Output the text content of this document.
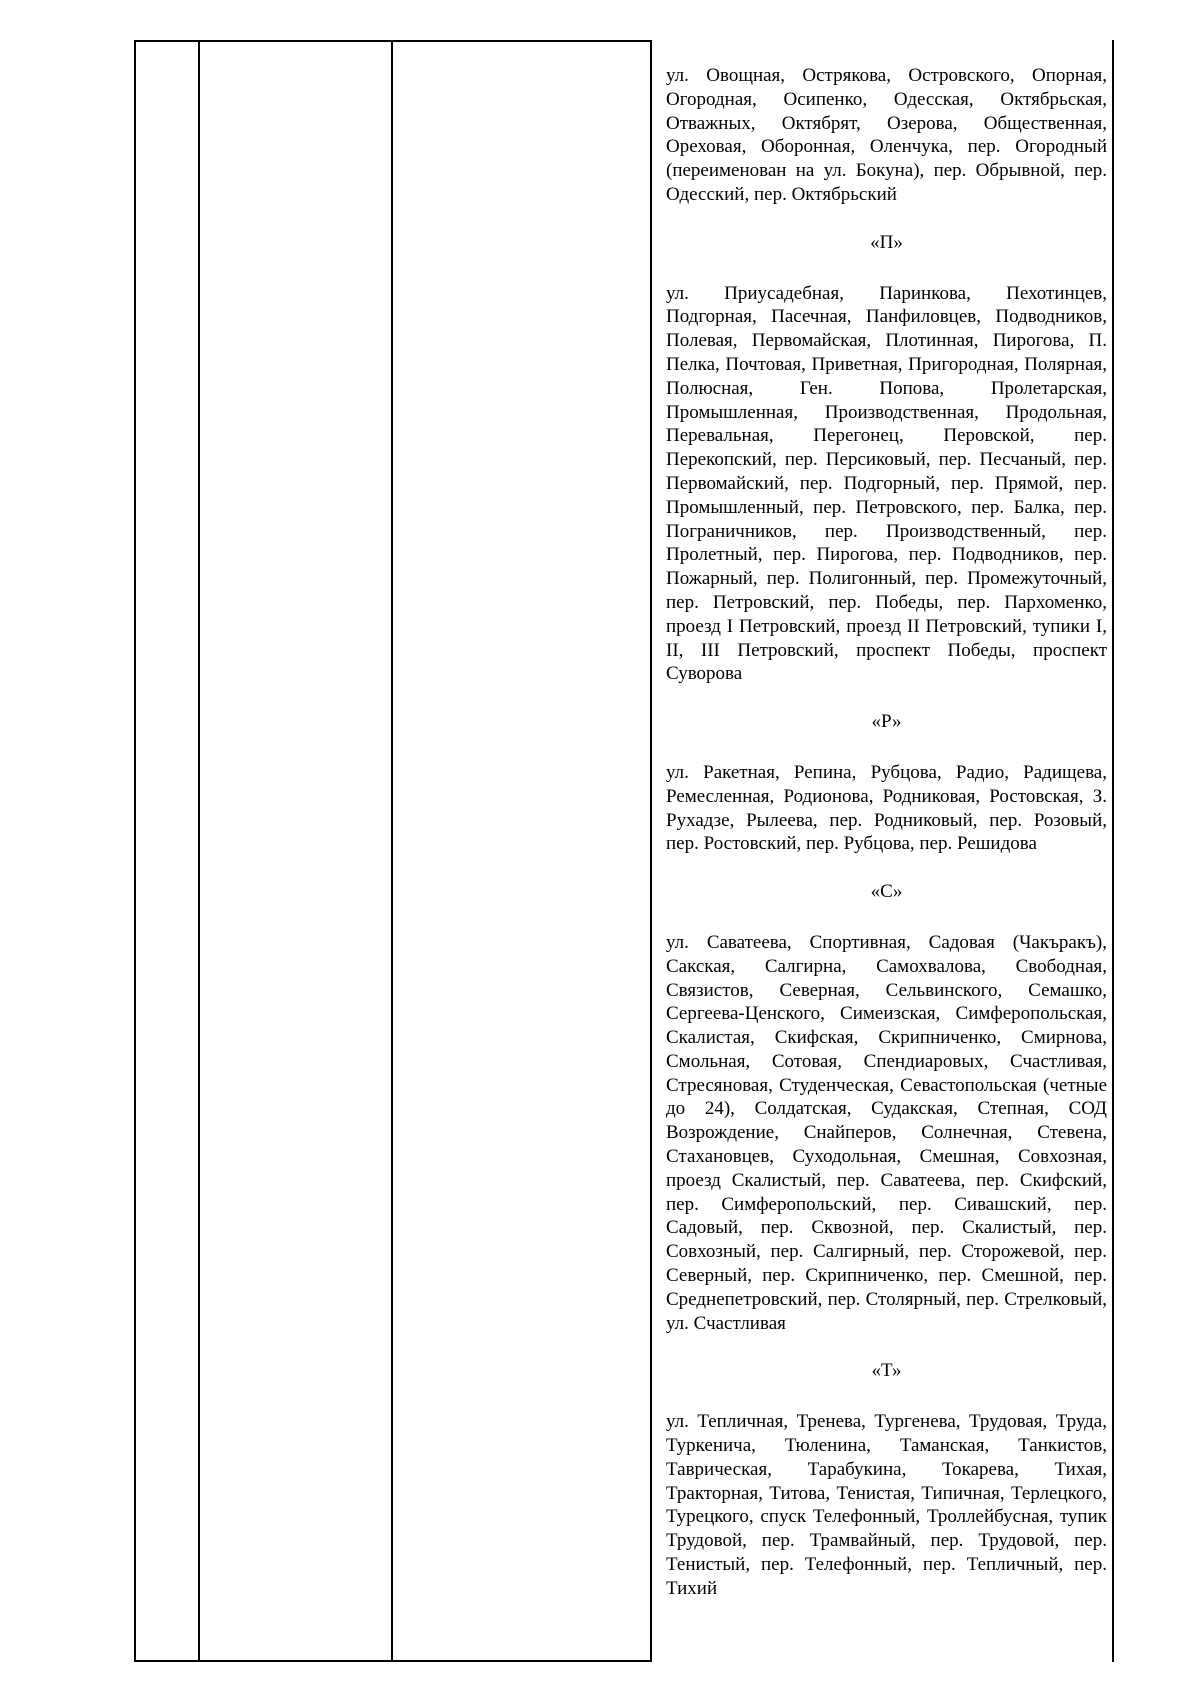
ул. Овощная, Острякова, Островского, Опорная, Огородная, Осипенко, Одесская, Октябрьская, Отважных, Октябрят, Озерова, Общественная, Ореховая, Оборонная, Оленчука, пер. Огородный (переименован на ул. Бокуна), пер. Обрывной, пер. Одесский, пер. Октябрьский

«П»

ул. Приусадебная, Паринкова, Пехотинцев, Подгорная, Пасечная, Панфиловцев, Подводников, Полевая, Первомайская, Плотинная, Пирогова, П. Пелка, Почтовая, Приветная, Пригородная, Полярная, Полюсная, Ген. Попова, Пролетарская, Промышленная, Производственная, Продольная, Перевальная, Перегонец, Перовской, пер. Перекопский, пер. Персиковый, пер. Песчаный, пер. Первомайский, пер. Подгорный, пер. Прямой, пер. Промышленный, пер. Петровского, пер. Балка, пер. Пограничников, пер. Производственный, пер. Пролетный, пер. Пирогова, пер. Подводников, пер. Пожарный, пер. Полигонный, пер. Промежуточный, пер. Петровский, пер. Победы, пер. Пархоменко, проезд I Петровский, проезд II Петровский, тупики I, II, III Петровский, проспект Победы, проспект Суворова

«Р»

ул. Ракетная, Репина, Рубцова, Радио, Радищева, Ремесленная, Родионова, Родниковая, Ростовская, З. Рухадзе, Рылеева, пер. Родниковый, пер. Розовый, пер. Ростовский, пер. Рубцова, пер. Решидова

«С»

ул. Саватеева, Спортивная, Садовая (Чакъракъ), Сакская, Салгирна, Самохвалова, Свободная, Связистов, Северная, Сельвинского, Семашко, Сергеева-Ценского, Симеизская, Симферопольская, Скалистая, Скифская, Скрипниченко, Смирнова, Смольная, Сотовая, Спендиаровых, Счастливая, Стресяновая, Студенческая, Севастопольская (четные до 24), Солдатская, Судакская, Степная, СОД Возрождение, Снайперов, Солнечная, Стевена, Стахановцев, Суходольная, Смешная, Совхозная, проезд Скалистый, пер. Саватеева, пер. Скифский, пер. Симферопольский, пер. Сивашский, пер. Садовый, пер. Сквозной, пер. Скалистый, пер. Совхозный, пер. Салгирный, пер. Сторожевой, пер. Северный, пер. Скрипниченко, пер. Смешной, пер. Среднепетровский, пер. Столярный, пер. Стрелковый, ул. Счастливая

«Т»

ул. Тепличная, Тренева, Тургенева, Трудовая, Труда, Туркенича, Тюленина, Таманская, Танкистов, Таврическая, Тарабукина, Токарева, Тихая, Тракторная, Титова, Тенистая, Типичная, Терлецкого, Турецкого, спуск Телефонный, Троллейбусная, тупик Трудовой, пер. Трамвайный, пер. Трудовой, пер. Тенистый, пер. Телефонный, пер. Тепличный, пер. Тихий
